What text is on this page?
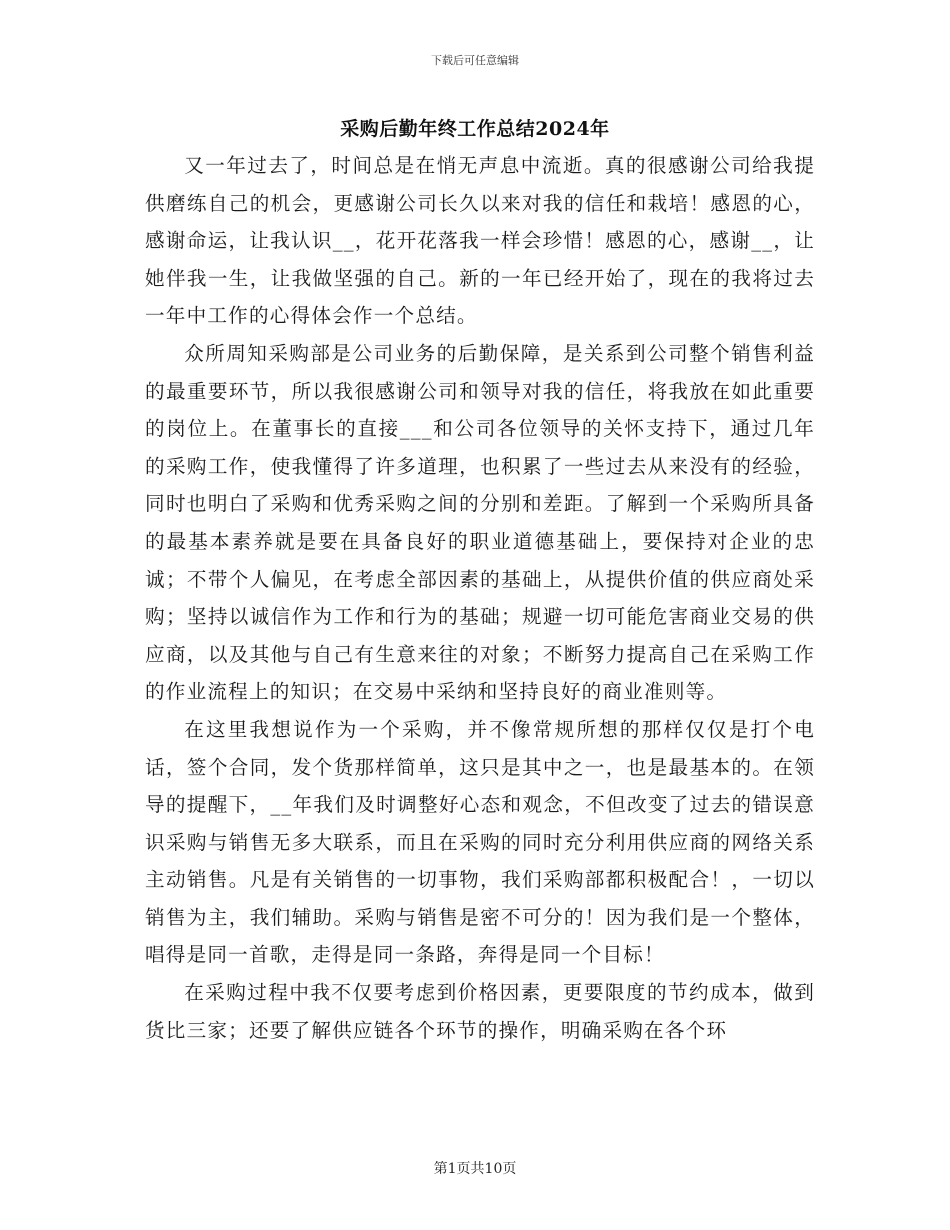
下载后可任意编辑
采购后勤年终工作总结2024年

又一年过去了，时间总是在悄无声息中流逝。真的很感谢公司给我提供磨练自己的机会，更感谢公司长久以来对我的信任和栽培！感恩的心，感谢命运，让我认识__，花开花落我一样会珍惜！感恩的心，感谢__，让她伴我一生，让我做坚强的自己。新的一年已经开始了，现在的我将过去一年中工作的心得体会作一个总结。

众所周知采购部是公司业务的后勤保障，是关系到公司整个销售利益的最重要环节，所以我很感谢公司和领导对我的信任，将我放在如此重要的岗位上。在董事长的直接___和公司各位领导的关怀支持下，通过几年的采购工作，使我懂得了许多道理，也积累了一些过去从来没有的经验，同时也明白了采购和优秀采购之间的分别和差距。了解到一个采购所具备的最基本素养就是要在具备良好的职业道德基础上，要保持对企业的忠诚；不带个人偏见，在考虑全部因素的基础上，从提供价值的供应商处采购；坚持以诚信作为工作和行为的基础；规避一切可能危害商业交易的供应商，以及其他与自己有生意来往的对象；不断努力提高自己在采购工作的作业流程上的知识；在交易中采纳和坚持良好的商业准则等。

在这里我想说作为一个采购，并不像常规所想的那样仅仅是打个电话，签个合同，发个货那样简单，这只是其中之一，也是最基本的。在领导的提醒下，__年我们及时调整好心态和观念，不但改变了过去的错误意识采购与销售无多大联系，而且在采购的同时充分利用供应商的网络关系主动销售。凡是有关销售的一切事物，我们采购部都积极配合！，一切以销售为主，我们辅助。采购与销售是密不可分的！因为我们是一个整体，唱得是同一首歌，走得是同一条路，奔得是同一个目标！

在采购过程中我不仅要考虑到价格因素，更要限度的节约成本，做到货比三家；还要了解供应链各个环节的操作，明确采购在各个环

第1页共10页
